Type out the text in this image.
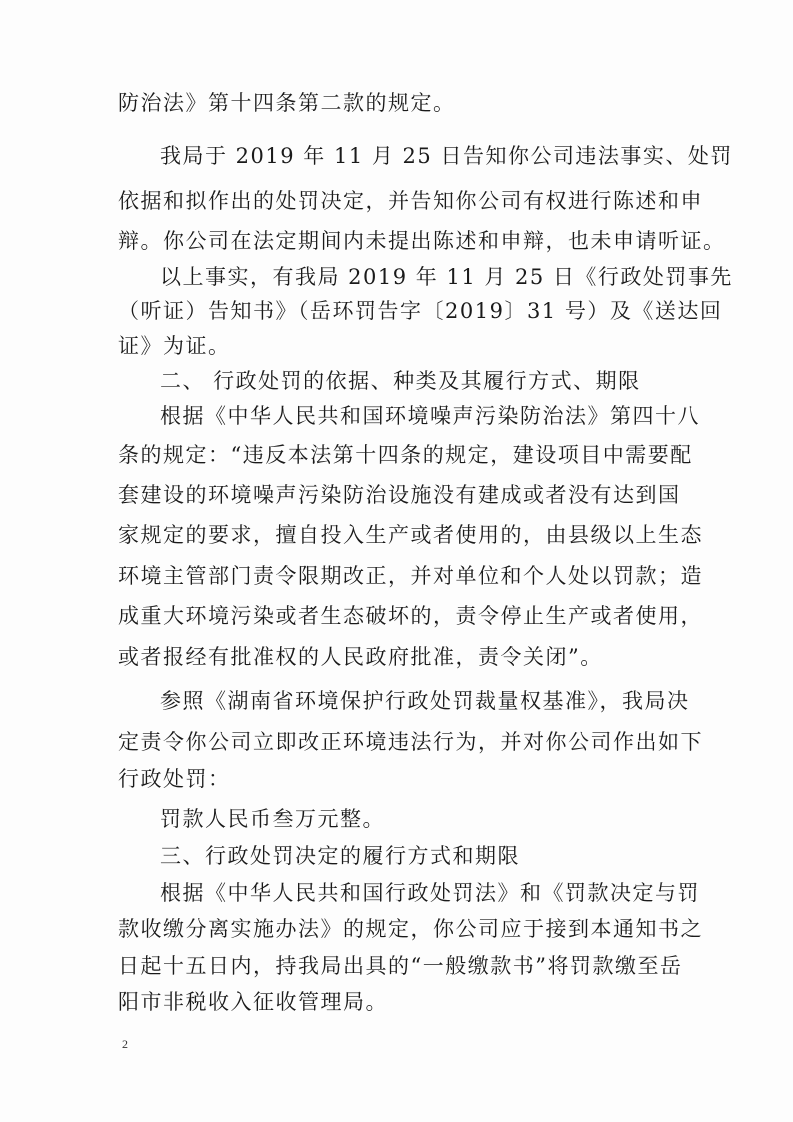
防治法》第十四条第二款的规定。
我局于 2019 年 11 月 25 日告知你公司违法事实、处罚
依据和拟作出的处罚决定，并告知你公司有权进行陈述和申
辩。你公司在法定期间内未提出陈述和申辩，也未申请听证。
以上事实，有我局 2019 年 11 月 25 日《行政处罚事先
（听证）告知书》（岳环罚告字〔2019〕31 号）及《送达回
证》为证。
二、 行政处罚的依据、种类及其履行方式、期限
根据《中华人民共和国环境噪声污染防治法》第四十八
条的规定：“违反本法第十四条的规定，建设项目中需要配
套建设的环境噪声污染防治设施没有建成或者没有达到国
家规定的要求，擅自投入生产或者使用的，由县级以上生态
环境主管部门责令限期改正，并对单位和个人处以罚款；造
成重大环境污染或者生态破坏的，责令停止生产或者使用，
或者报经有批准权的人民政府批准，责令关闭”。
参照《湖南省环境保护行政处罚裁量权基准》，我局决
定责令你公司立即改正环境违法行为，并对你公司作出如下
行政处罚：
罚款人民币叁万元整。
三、行政处罚决定的履行方式和期限
根据《中华人民共和国行政处罚法》和《罚款决定与罚
款收缴分离实施办法》的规定，你公司应于接到本通知书之
日起十五日内，持我局出具的“一般缴款书”将罚款缴至岳
阳市非税收入征收管理局。
2
